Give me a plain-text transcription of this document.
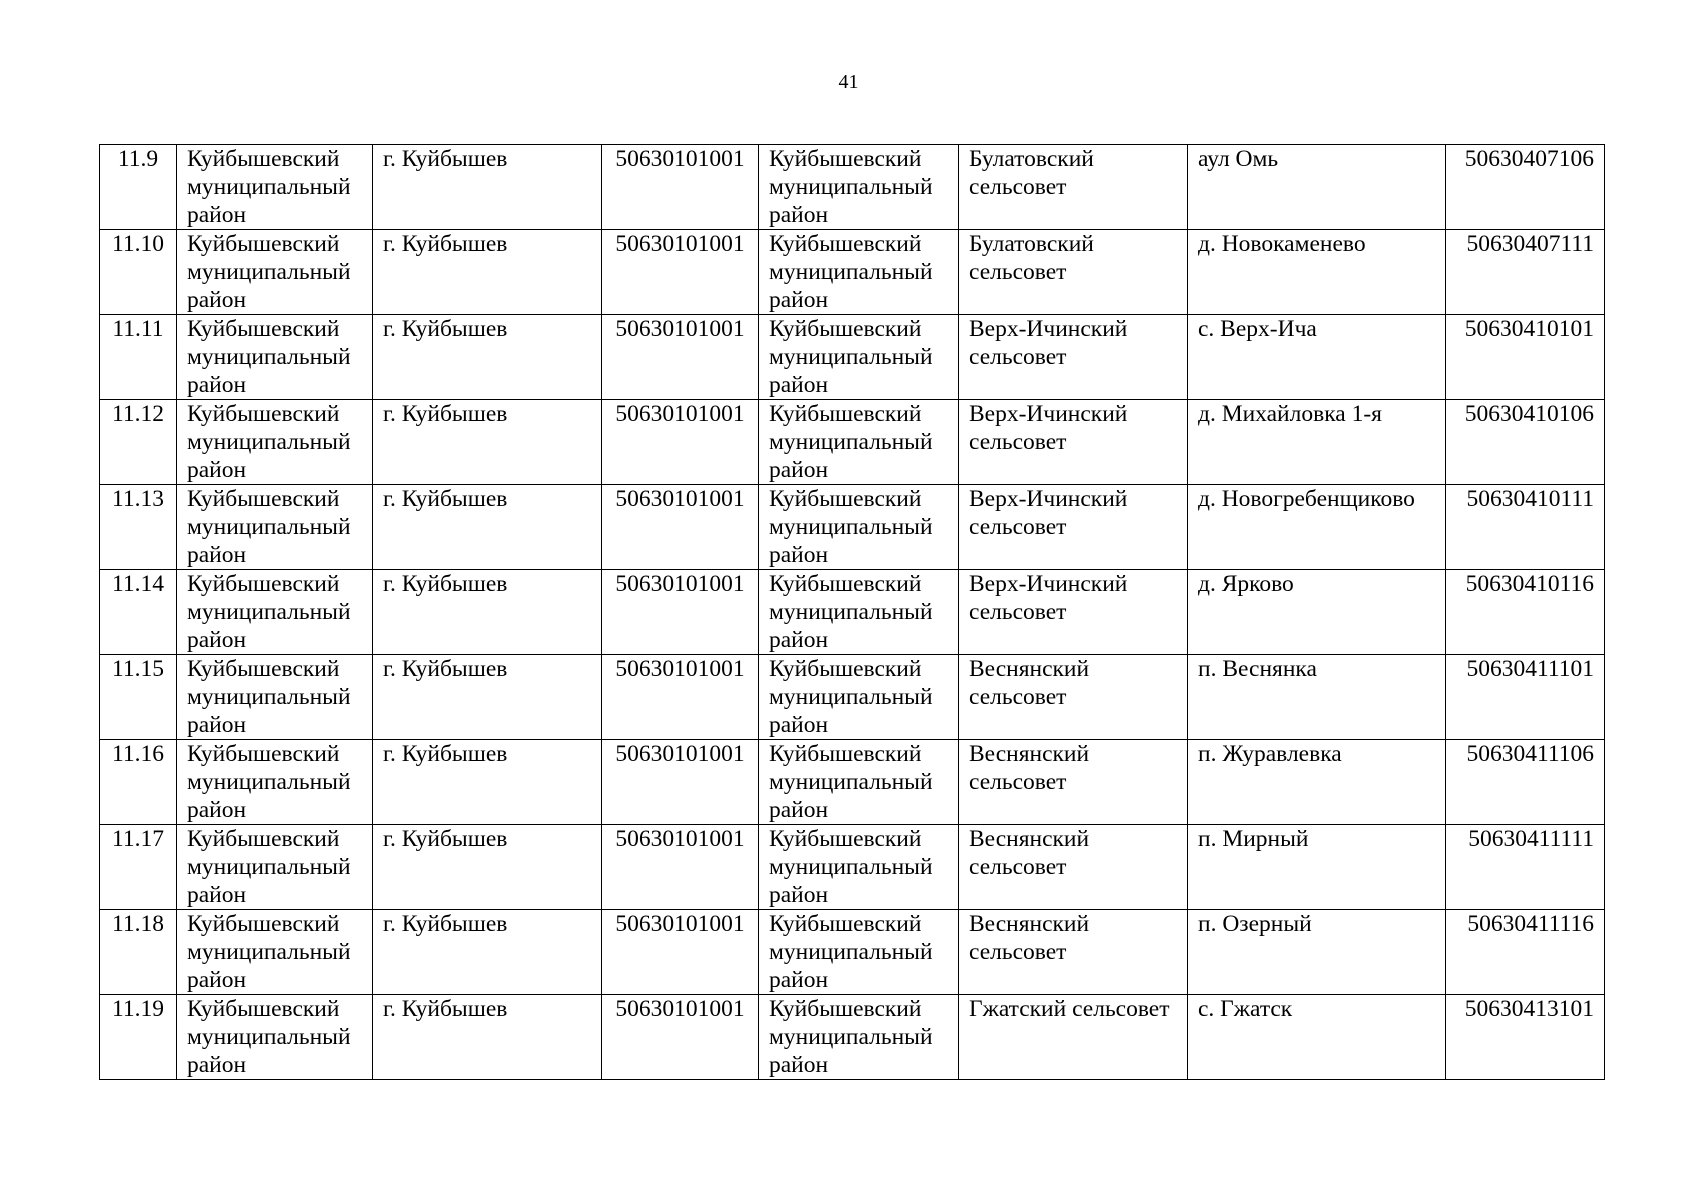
41
11.9	Куйбышевский муниципальный район	г. Куйбышев	50630101001	Куйбышевский муниципальный район	Булатовский сельсовет	аул Омь	50630407106
11.10	Куйбышевский муниципальный район	г. Куйбышев	50630101001	Куйбышевский муниципальный район	Булатовский сельсовет	д. Новокаменево	50630407111
11.11	Куйбышевский муниципальный район	г. Куйбышев	50630101001	Куйбышевский муниципальный район	Верх-Ичинский сельсовет	с. Верх-Ича	50630410101
11.12	Куйбышевский муниципальный район	г. Куйбышев	50630101001	Куйбышевский муниципальный район	Верх-Ичинский сельсовет	д. Михайловка 1-я	50630410106
11.13	Куйбышевский муниципальный район	г. Куйбышев	50630101001	Куйбышевский муниципальный район	Верх-Ичинский сельсовет	д. Новогребенщиково	50630410111
11.14	Куйбышевский муниципальный район	г. Куйбышев	50630101001	Куйбышевский муниципальный район	Верх-Ичинский сельсовет	д. Ярково	50630410116
11.15	Куйбышевский муниципальный район	г. Куйбышев	50630101001	Куйбышевский муниципальный район	Веснянский сельсовет	п. Веснянка	50630411101
11.16	Куйбышевский муниципальный район	г. Куйбышев	50630101001	Куйбышевский муниципальный район	Веснянский сельсовет	п. Журавлевка	50630411106
11.17	Куйбышевский муниципальный район	г. Куйбышев	50630101001	Куйбышевский муниципальный район	Веснянский сельсовет	п. Мирный	50630411111
11.18	Куйбышевский муниципальный район	г. Куйбышев	50630101001	Куйбышевский муниципальный район	Веснянский сельсовет	п. Озерный	50630411116
11.19	Куйбышевский муниципальный район	г. Куйбышев	50630101001	Куйбышевский муниципальный район	Гжатский сельсовет	с. Гжатск	50630413101
